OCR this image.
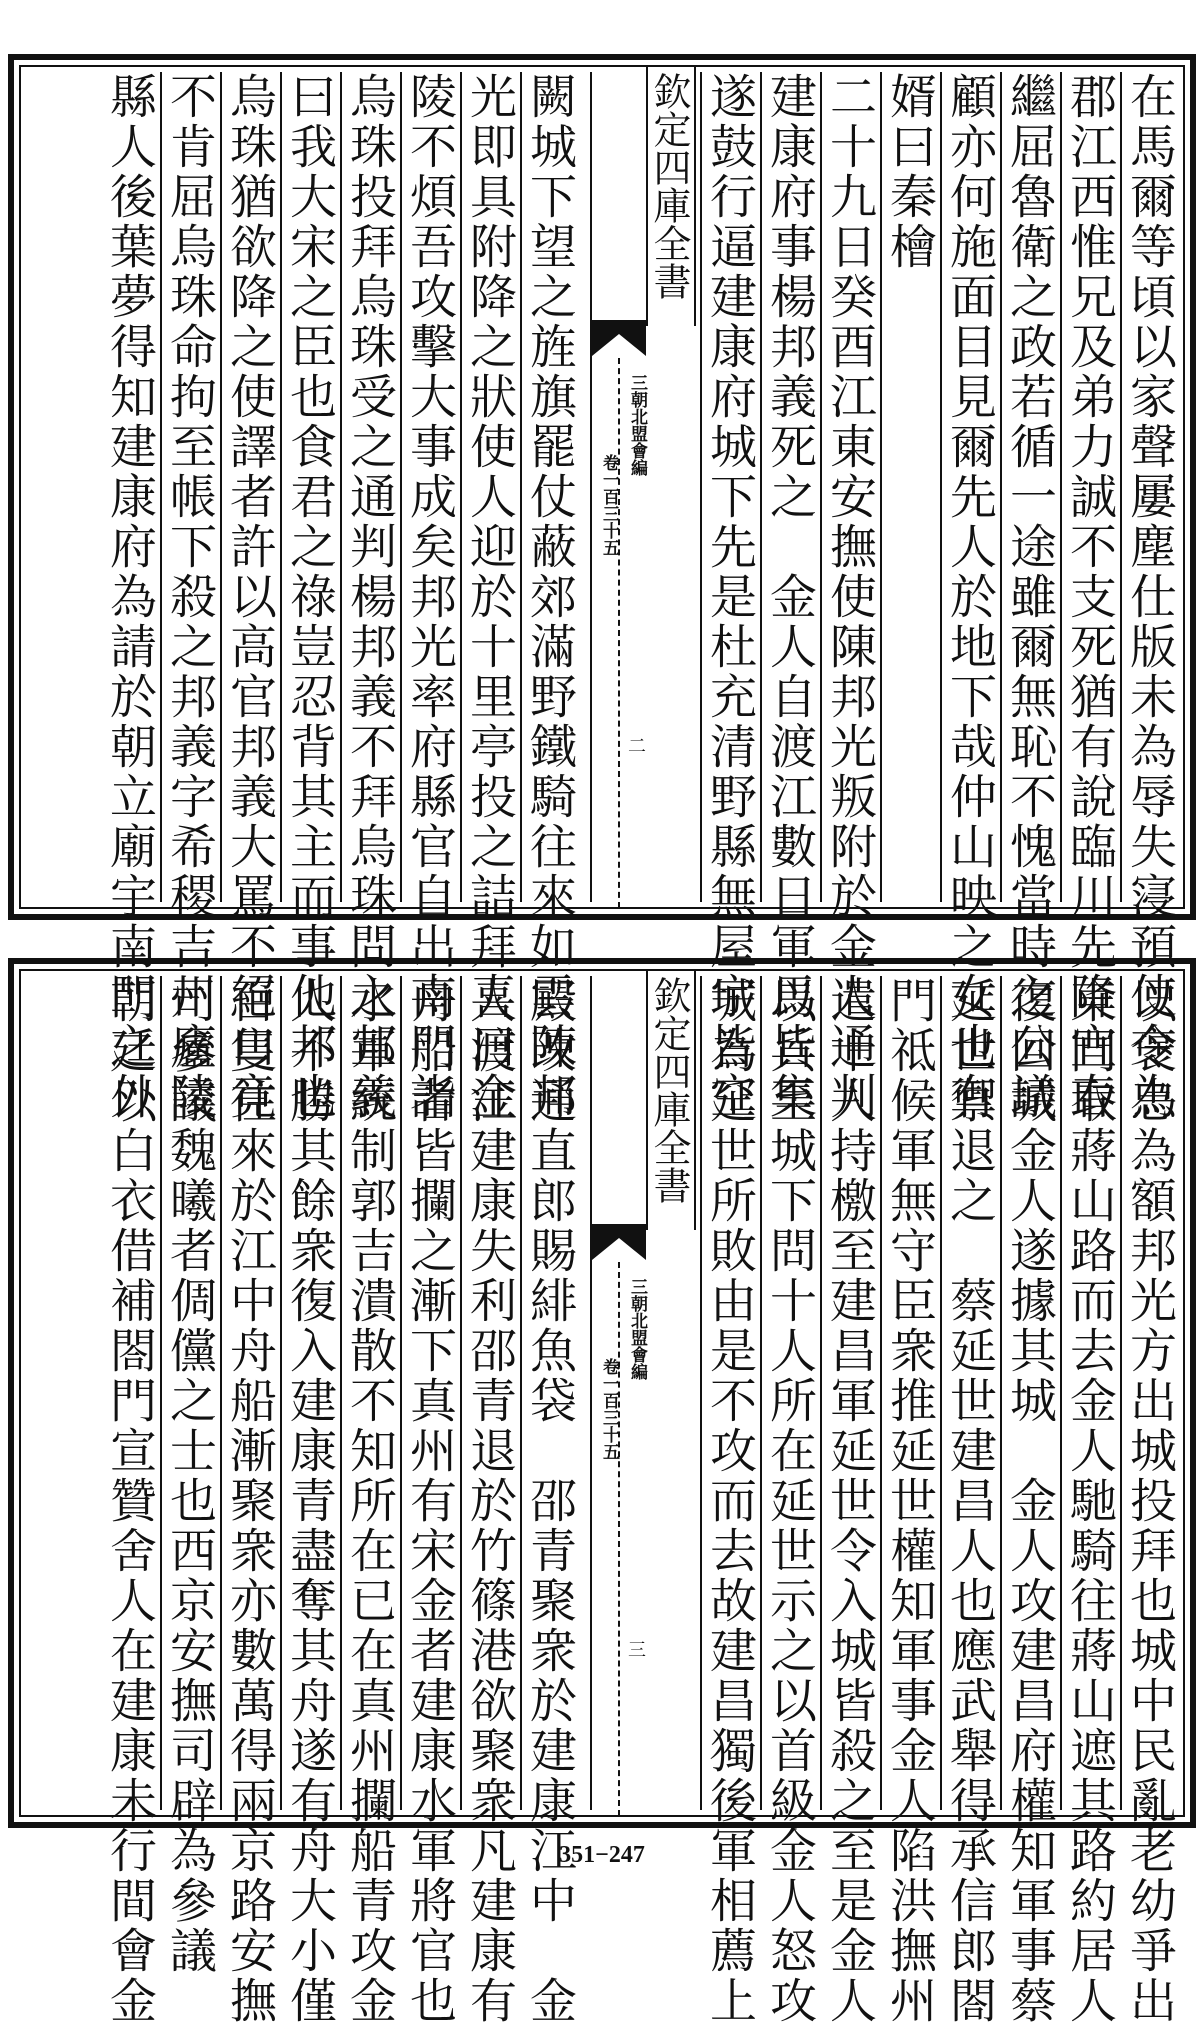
在馬爾等頃以家聲屢塵仕版未為辱失寖預使令為
郡江西惟兄及弟力誠不支死猶有說臨川先降宜春
繼屈魯衛之政若循一途雖爾無恥不愧當時之公議
顧亦何施面目見爾先人於地下哉仲山映之女也有
婿曰秦檜
二十九日癸酉江東安撫使陳邦光叛附於金人通判
建康府事楊邦義死之　金人自渡江數日軍馬皆集
遂鼓行逼建康府城下先是杜充清野縣無屋宇皆空
欽定四庫全書
三朝北盟會編
卷一百三十五
二
闕城下望之旌旗罷仗蔽郊滿野鐵騎往來如雲陳邦
光即具附降之狀使人迎於十里亭投之詰拜喜曰金
陵不煩吾攻擊大事成矣邦光率府縣官自出南門詣
烏珠投拜烏珠受之通判楊邦義不拜烏珠問之邦義
曰我大宋之臣也食君之祿豈忍背其主而事他邦也
烏珠猶欲降之使譯者許以高官邦義大罵不絕口竟
不肯屈烏珠命拘至帳下殺之邦義字希稷吉州廬陵
縣人後葉夢得知建康府為請於朝立廟宇南門之外
以褒忠為額邦光方出城投拜也城中民亂老幼爭出
東門取蔣山路而去金人馳騎往蔣山遮其路約居人
復回城金人遂據其城　金人攻建昌府權知軍事蔡
延世禦退之　蔡延世建昌人也應武舉得承信郎閤
門祗候軍無守臣衆推延世權知軍事金人陷洪撫州
遣十人持檄至建昌軍延世令入城皆殺之至是金人
以兵至城下問十人所在延世示之以首級金人怒攻
城為延世所敗由是不攻而去故建昌獨後軍相薦上
欽定四庫全書
三朝北盟會編
卷一百三十五
三
殿改通直郎賜緋魚袋　邵青聚衆於建康江中　金
人渡江建康失利邵青退於竹篠港欲聚衆凡建康有
舟船者皆攔之漸下真州有宋金者建康水軍將官也
水軍統制郭吉潰散不知所在已在真州攔船青攻金
人不勝其餘衆復入建康青盡奪其舟遂有舟大小僅
百隻往來於江中舟船漸聚衆亦數萬得兩京路安撫
司參議魏曦者倜儻之士也西京安撫司辟為參議
朝廷以白衣借補閤門宣贊舍人在建康未行間會金	351−247
